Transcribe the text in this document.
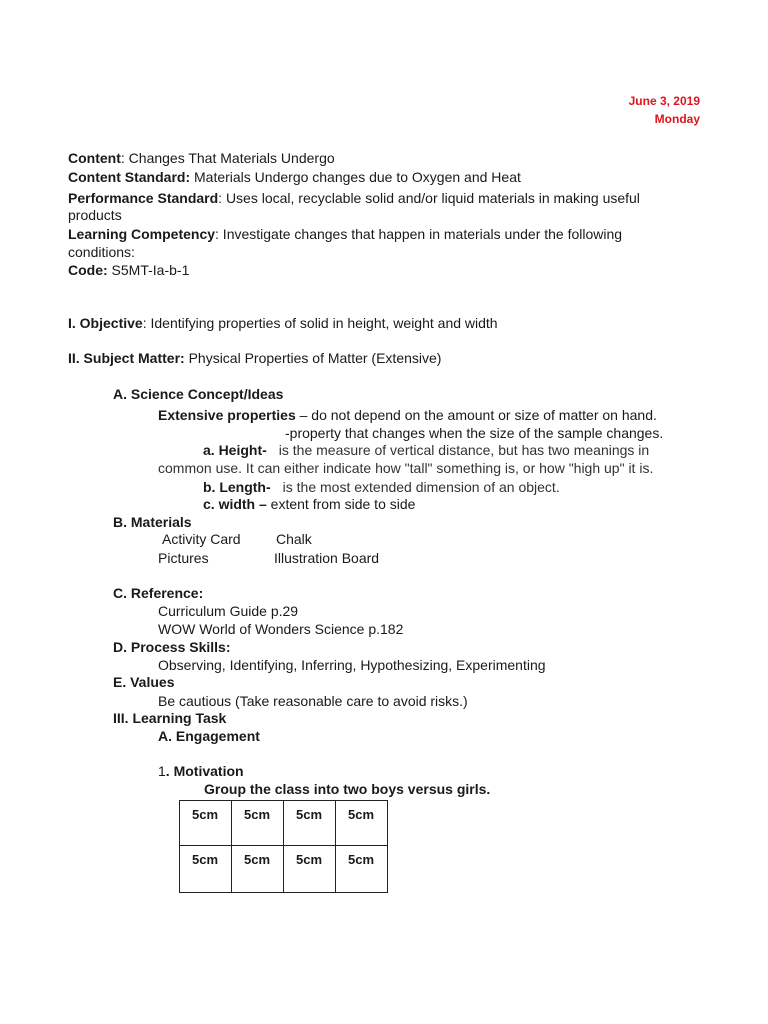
June 3, 2019
Monday
Content: Changes That Materials Undergo
Content Standard: Materials Undergo changes due to Oxygen and Heat
Performance Standard: Uses local, recyclable solid and/or liquid materials in making useful
products
Learning Competency: Investigate changes that happen in materials under the following
conditions:
Code: S5MT-Ia-b-1
I. Objective: Identifying properties of solid in height, weight and width
II. Subject Matter: Physical Properties of Matter (Extensive)
A. Science Concept/Ideas
Extensive properties – do not depend on the amount or size of matter on hand.
-property that changes when the size of the sample changes.
a. Height- is the measure of vertical distance, but has two meanings in
common use. It can either indicate how "tall" something is, or how "high up" it is.
b. Length- is the most extended dimension of an object.
c. width – extent from side to side
B. Materials
Activity Card	Chalk
Pictures	Illustration Board
C. Reference:
Curriculum Guide p.29
WOW World of Wonders Science p.182
D. Process Skills:
Observing, Identifying, Inferring, Hypothesizing, Experimenting
E. Values
Be cautious (Take reasonable care to avoid risks.)
III. Learning Task
A. Engagement
1. Motivation
Group the class into two boys versus girls.
5cm	5cm	5cm	5cm
5cm	5cm	5cm	5cm
